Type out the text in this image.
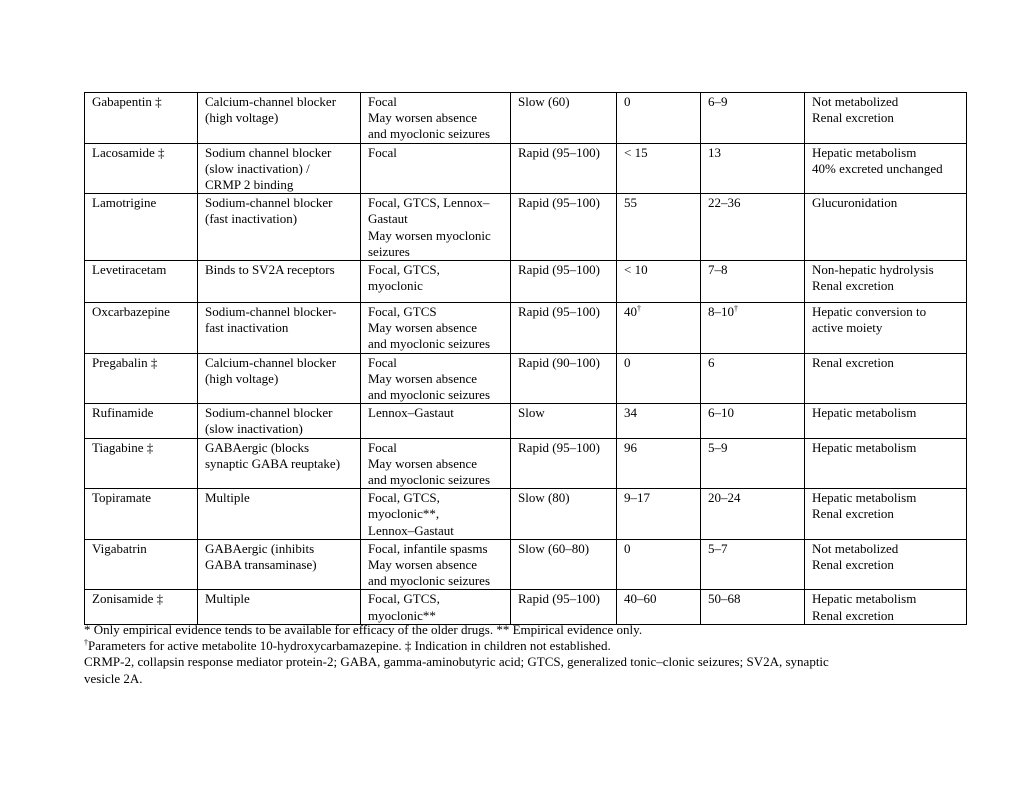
Gabapentin ‡	Calcium-channel blocker
(high voltage)	Focal
May worsen absence
and myoclonic seizures	Slow (60)	0	6–9	Not metabolized
Renal excretion

Lacosamide ‡	Sodium channel blocker
(slow inactivation) /
CRMP 2 binding	Focal	Rapid (95–100)	< 15	13	Hepatic metabolism
40% excreted unchanged

Lamotrigine	Sodium-channel blocker
(fast inactivation)	Focal, GTCS, Lennox–
Gastaut
May worsen myoclonic
seizures	Rapid (95–100)	55	22–36	Glucuronidation

Levetiracetam	Binds to SV2A receptors	Focal, GTCS,
myoclonic	Rapid (95–100)	< 10	7–8	Non-hepatic hydrolysis
Renal excretion

Oxcarbazepine	Sodium-channel blocker-
fast inactivation	Focal, GTCS
May worsen absence
and myoclonic seizures	Rapid (95–100)	40†	8–10†	Hepatic conversion to
active moiety

Pregabalin ‡	Calcium-channel blocker
(high voltage)	Focal
May worsen absence
and myoclonic seizures	Rapid (90–100)	0	6	Renal excretion

Rufinamide	Sodium-channel blocker
(slow inactivation)	Lennox–Gastaut	Slow	34	6–10	Hepatic metabolism

Tiagabine ‡	GABAergic (blocks
synaptic GABA reuptake)	Focal
May worsen absence
and myoclonic seizures	Rapid (95–100)	96	5–9	Hepatic metabolism

Topiramate	Multiple	Focal, GTCS,
myoclonic**,
Lennox–Gastaut	Slow (80)	9–17	20–24	Hepatic metabolism
Renal excretion

Vigabatrin	GABAergic (inhibits
GABA transaminase)	Focal, infantile spasms
May worsen absence
and myoclonic seizures	Slow (60–80)	0	5–7	Not metabolized
Renal excretion

Zonisamide ‡	Multiple	Focal, GTCS,
myoclonic**	Rapid (95–100)	40–60	50–68	Hepatic metabolism
Renal excretion
* Only empirical evidence tends to be available for efficacy of the older drugs. ** Empirical evidence only.
†Parameters for active metabolite 10-hydroxycarbamazepine. ‡ Indication in children not established.
CRMP-2, collapsin response mediator protein-2; GABA, gamma-aminobutyric acid; GTCS, generalized tonic–clonic seizures; SV2A, synaptic
vesicle 2A.
